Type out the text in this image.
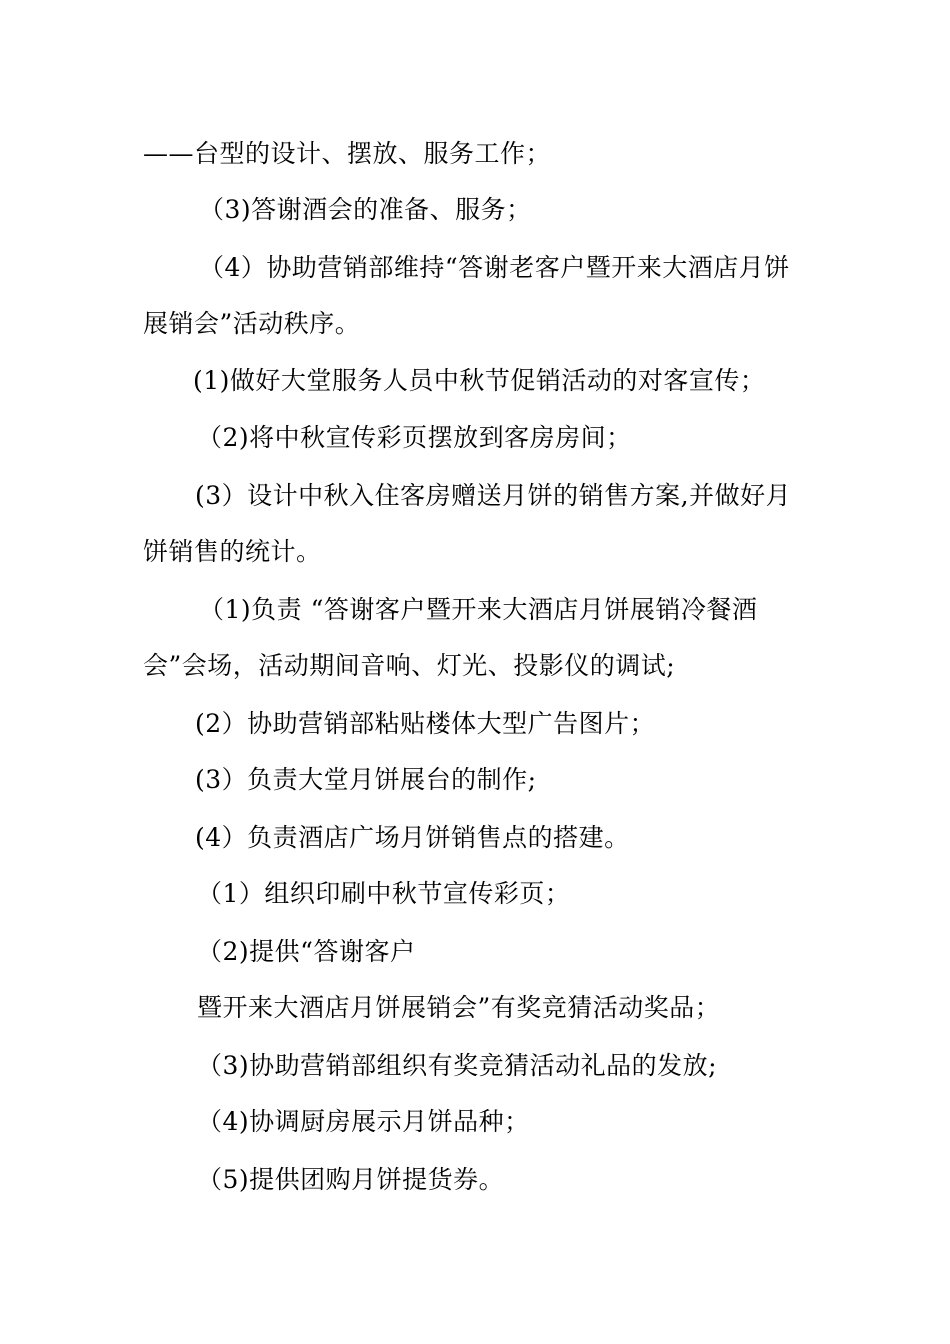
——台型的设计、摆放、服务工作；
（3)答谢酒会的准备、服务；
（4）协助营销部维持“答谢老客户暨开来大酒店月饼
展销会”活动秩序。
(1)做好大堂服务人员中秋节促销活动的对客宣传；
（2)将中秋宣传彩页摆放到客房房间；
(3）设计中秋入住客房赠送月饼的销售方案,并做好月
饼销售的统计。
（1)负责 “答谢客户暨开来大酒店月饼展销冷餐酒
会”会场，活动期间音响、灯光、投影仪的调试;
(2）协助营销部粘贴楼体大型广告图片；
(3）负责大堂月饼展台的制作;
(4）负责酒店广场月饼销售点的搭建。
（1）组织印刷中秋节宣传彩页；
（2)提供“答谢客户
暨开来大酒店月饼展销会”有奖竞猜活动奖品；
（3)协助营销部组织有奖竞猜活动礼品的发放;
（4)协调厨房展示月饼品种；
（5)提供团购月饼提货券。
